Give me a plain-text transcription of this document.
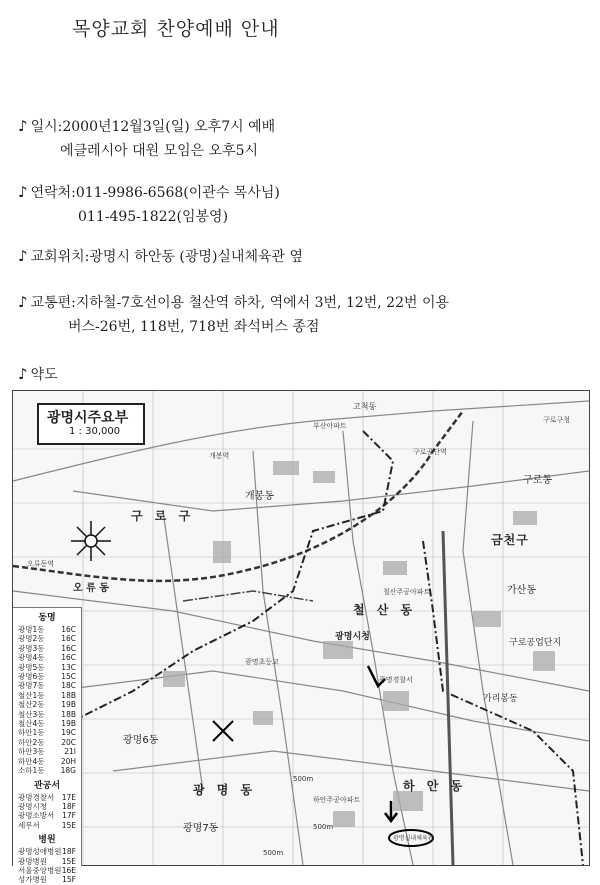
목양교회 찬양예배 안내
♪ 일시:2000년12월3일(일) 오후7시 예배
에클레시아 대원 모임은 오후5시
♪ 연락처:011-9986-6568(이관수 목사님)
011-495-1822(임봉영)
♪ 교회위치:광명시 하안동 (광명)실내체육관 옆
♪ 교통편:지하철-7호선이용 철산역 하차, 역에서 3번, 12번, 22번 이용
버스-26번, 118번, 718번 좌석버스 종점
♪ 약도
광명시주요부
1 : 30,000
구 로 구
금천구
철 산 동
광 명 동	하 안 동
가산동
구로동
오 류 동
개봉동
광명6동
광명7동
가리봉동
고척동
광명시청
부산아파트
구로공단역
구로구청
광명경찰서
철산주공아파트
하안주공아파트
광명실내체육관
광명초등교
구로공업단지
개봉역
오류동역
500m
500m
500m
동명
광명1동 16C
광명2동 16C
광명3동 16C
광명4동 16C
광명5동 13C
광명6동 15C
광명7동 18C
철산1동 18B
철산2동 19B
철산3동 18B
철산4동 19B
하안1동 19C
하안2동 20C
하안3동	21I
하안4동 20H
소하1동 18G
관공서
광명경찰서 17E
광명시청 18F
광명소방서 17F
세무서	15E
병원
광명성애병원 18F
광명병원 15E
서울중앙병원 16E
성가병원 15F
